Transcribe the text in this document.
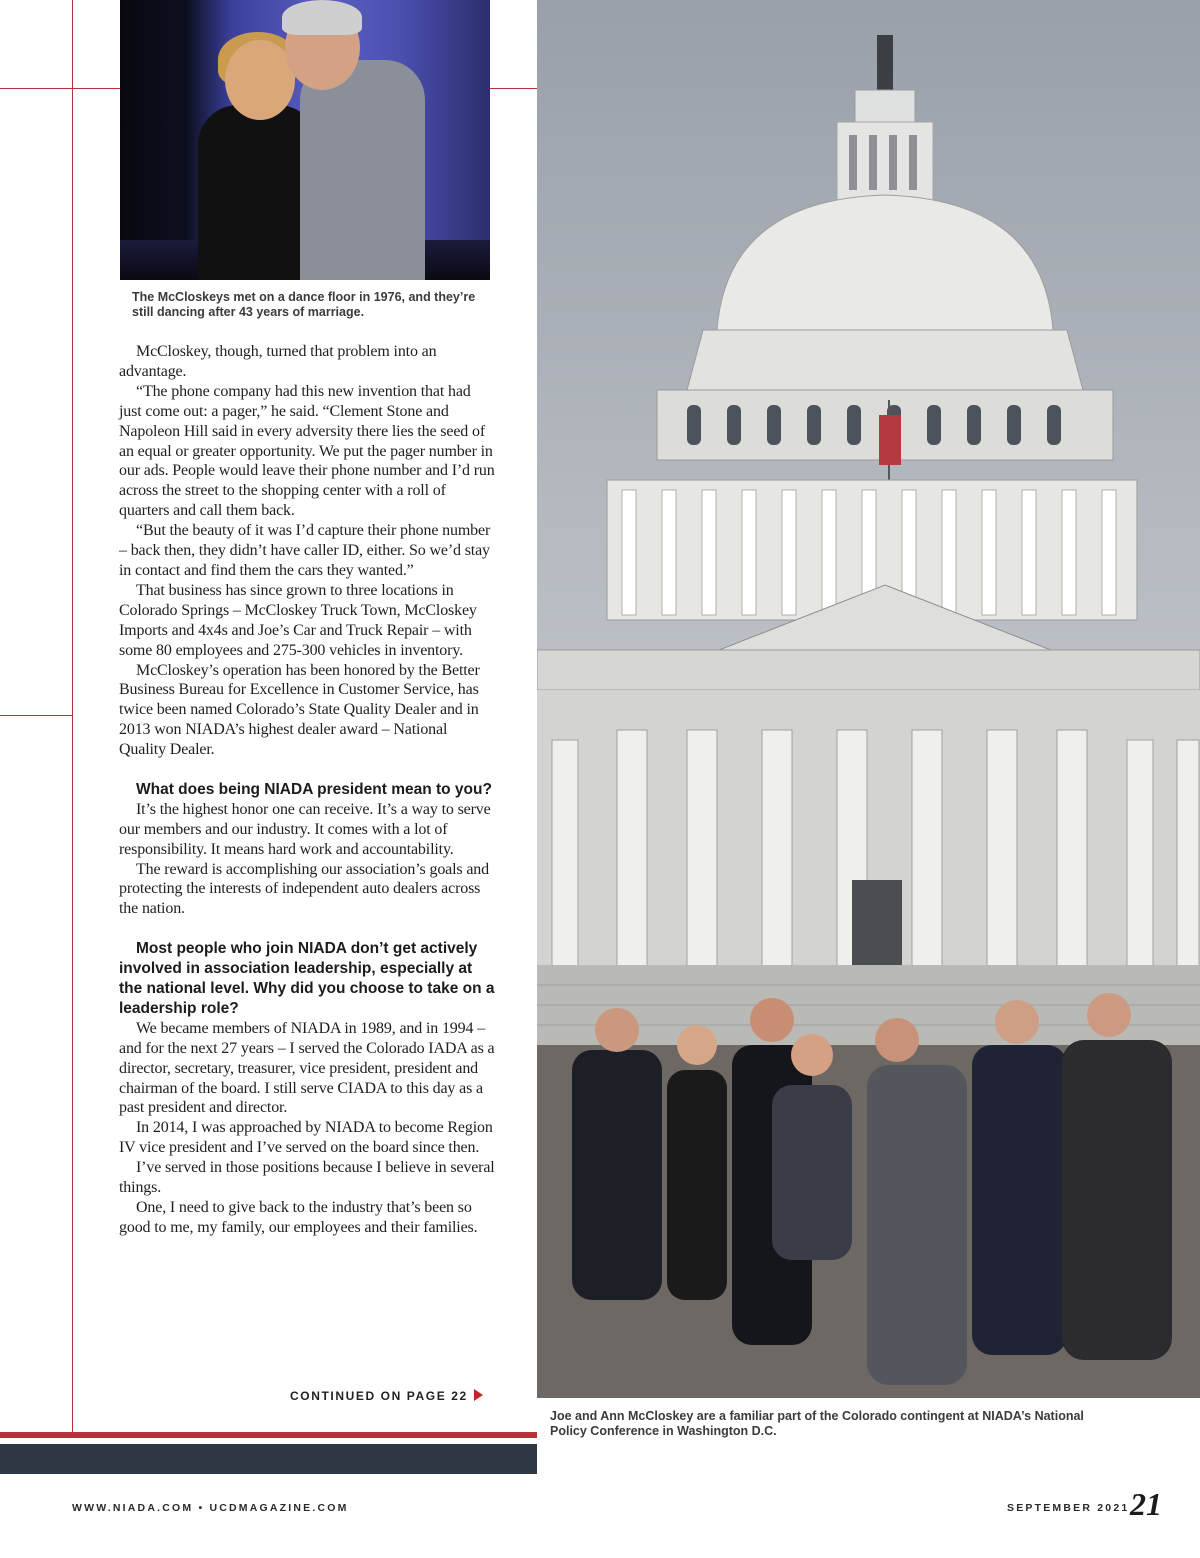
The McCloskeys met on a dance floor in 1976, and they’re still dancing after 43 years of marriage.

McCloskey, though, turned that problem into an advantage.

“The phone company had this new invention that had just come out: a pager,” he said. “Clement Stone and Napoleon Hill said in every adversity there lies the seed of an equal or greater opportunity. We put the pager number in our ads. People would leave their phone number and I’d run across the street to the shopping center with a roll of quarters and call them back.

“But the beauty of it was I’d capture their phone number – back then, they didn’t have caller ID, either. So we’d stay in contact and find them the cars they wanted.”

That business has since grown to three locations in Colorado Springs – McCloskey Truck Town, McCloskey Imports and 4x4s and Joe’s Car and Truck Repair – with some 80 employees and 275-300 vehicles in inventory.

McCloskey’s operation has been honored by the Better Business Bureau for Excellence in Customer Service, has twice been named Colorado’s State Quality Dealer and in 2013 won NIADA’s highest dealer award – National Quality Dealer.

What does being NIADA president mean to you?

It’s the highest honor one can receive. It’s a way to serve our members and our industry. It comes with a lot of responsibility. It means hard work and accountability.

The reward is accomplishing our association’s goals and protecting the interests of independent auto dealers across the nation.

Most people who join NIADA don’t get actively involved in association leadership, especially at the national level. Why did you choose to take on a leadership role?

We became members of NIADA in 1989, and in 1994 – and for the next 27 years – I served the Colorado IADA as a director, secretary, treasurer, vice president, president and chairman of the board. I still serve CIADA to this day as a past president and director.

In 2014, I was approached by NIADA to become Region IV vice president and I’ve served on the board since then.

I’ve served in those positions because I believe in several things.

One, I need to give back to the industry that’s been so good to me, my family, our employees and their families.

CONTINUED ON PAGE 22
Joe and Ann McCloskey are a familiar part of the Colorado contingent at NIADA’s National Policy Conference in Washington D.C.
WWW.NIADA.COM • UCDMAGAZINE.COM	SEPTEMBER 2021 21
